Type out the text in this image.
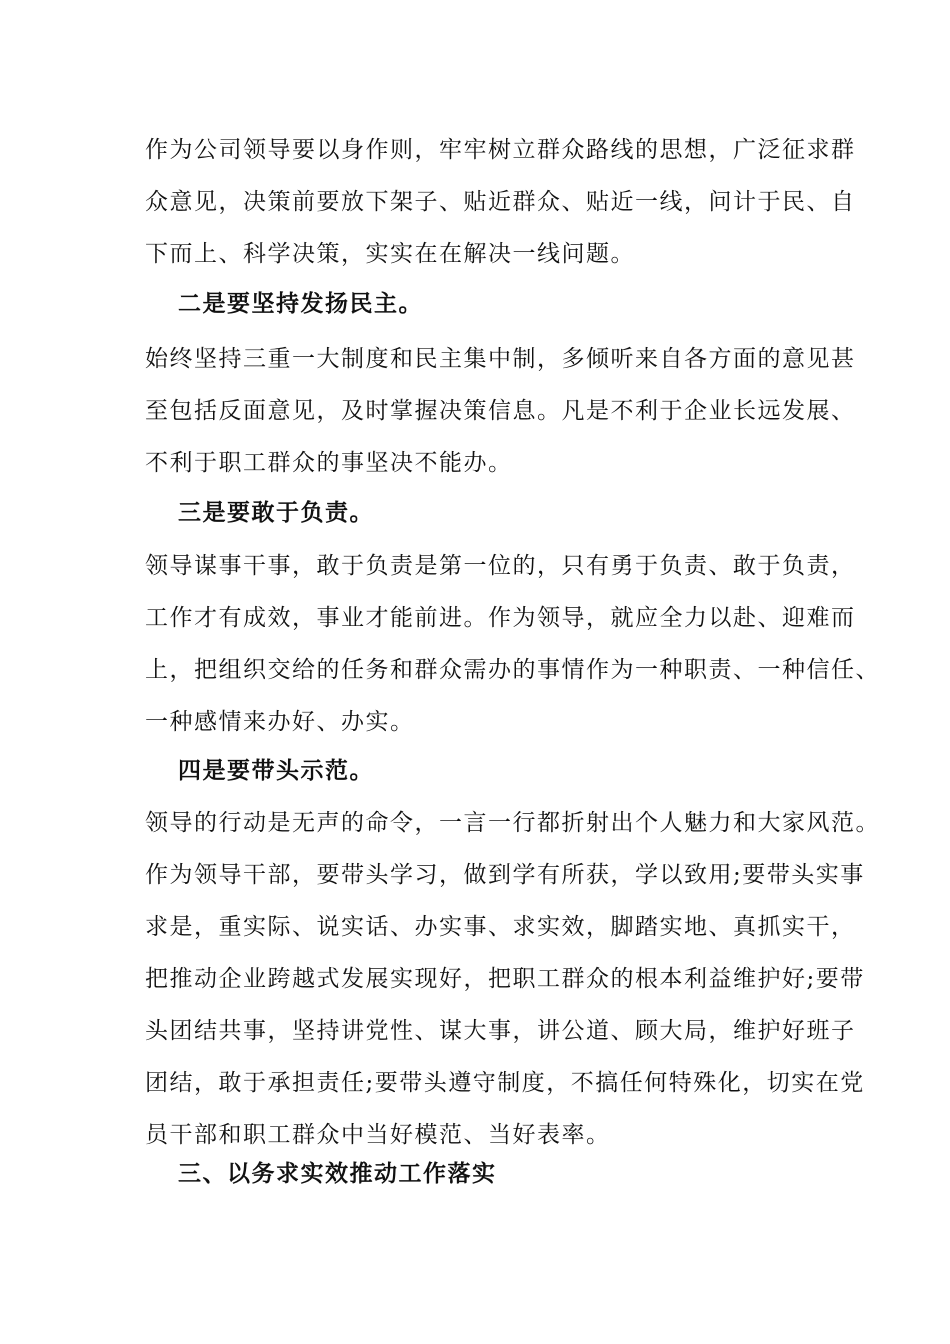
作为公司领导要以身作则，牢牢树立群众路线的思想，广泛征求群
众意见，决策前要放下架子、贴近群众、贴近一线，问计于民、自
下而上、科学决策，实实在在解决一线问题。
二是要坚持发扬民主。
始终坚持三重一大制度和民主集中制，多倾听来自各方面的意见甚
至包括反面意见，及时掌握决策信息。凡是不利于企业长远发展、
不利于职工群众的事坚决不能办。
三是要敢于负责。
领导谋事干事，敢于负责是第一位的，只有勇于负责、敢于负责，
工作才有成效，事业才能前进。作为领导，就应全力以赴、迎难而
上，把组织交给的任务和群众需办的事情作为一种职责、一种信任、
一种感情来办好、办实。
四是要带头示范。
领导的行动是无声的命令，一言一行都折射出个人魅力和大家风范。
作为领导干部，要带头学习，做到学有所获，学以致用;要带头实事
求是，重实际、说实话、办实事、求实效，脚踏实地、真抓实干，
把推动企业跨越式发展实现好，把职工群众的根本利益维护好;要带
头团结共事，坚持讲党性、谋大事，讲公道、顾大局，维护好班子
团结，敢于承担责任;要带头遵守制度，不搞任何特殊化，切实在党
员干部和职工群众中当好模范、当好表率。
三、以务求实效推动工作落实
